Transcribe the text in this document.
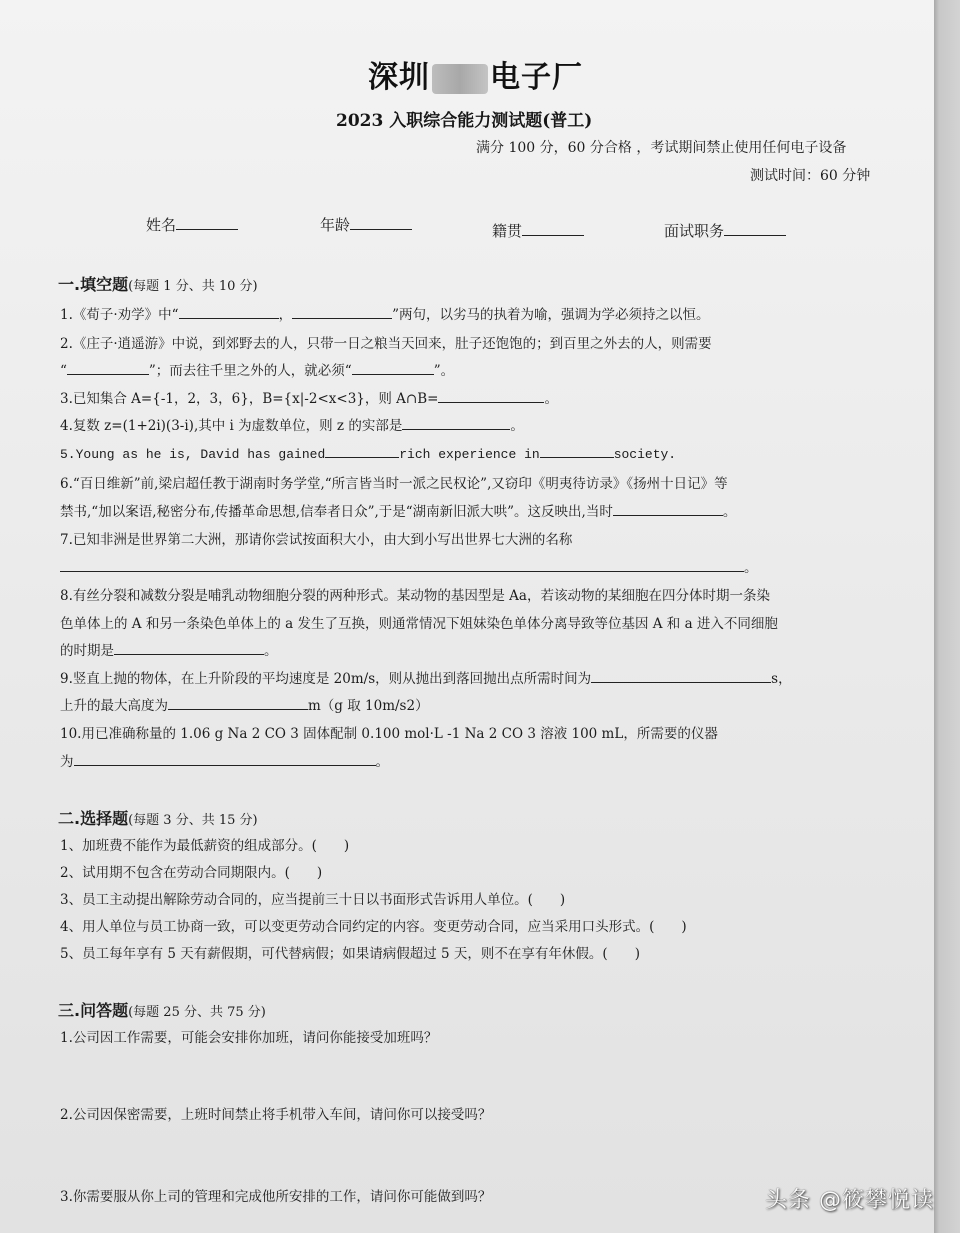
深圳 电子厂
2023 入职综合能力测试题(普工)
满分 100 分，60 分合格 ，考试期间禁止使用任何电子设备
测试时间：60 分钟
姓名	年龄	籍贯	面试职务
一.填空题(每题 1 分、共 10 分)
1.《荀子·劝学》中“	，	”两句，以劣马的执着为喻，强调为学必须持之以恒。
2.《庄子·逍遥游》中说，到郊野去的人，只带一日之粮当天回来，肚子还饱饱的；到百里之外去的人，则需要
“	”；而去往千里之外的人，就必须“	”。
3.已知集合 A={-1，2，3，6}，B={x|-2<x<3}，则 A∩B=	。
4.复数 z=(1+2i)(3-i),其中 i 为虚数单位，则 z 的实部是	。
5.Young as he is, David has gained	rich experience in	society.
6.“百日维新”前,梁启超任教于湖南时务学堂,“所言皆当时一派之民权论”,又窃印《明夷待访录》《扬州十日记》等
禁书,“加以案语,秘密分布,传播革命思想,信奉者日众”,于是“湖南新旧派大哄”。这反映出,当时	。
7.已知非洲是世界第二大洲，那请你尝试按面积大小，由大到小写出世界七大洲的名称
。
8.有丝分裂和减数分裂是哺乳动物细胞分裂的两种形式。某动物的基因型是 Aa，若该动物的某细胞在四分体时期一条染
色单体上的 A 和另一条染色单体上的 a 发生了互换，则通常情况下姐妹染色单体分离导致等位基因 A 和 a 进入不同细胞
的时期是	。
9.竖直上抛的物体，在上升阶段的平均速度是 20m/s，则从抛出到落回抛出点所需时间为	s，
上升的最大高度为	m（g 取 10m/s2）
10.用已准确称量的 1.06 g Na 2 CO 3 固体配制 0.100 mol·L -1 Na 2 CO 3 溶液 100 mL，所需要的仪器
为	。
二.选择题(每题 3 分、共 15 分)
1、加班费不能作为最低薪资的组成部分。(　　)
2、试用期不包含在劳动合同期限内。(　　)
3、员工主动提出解除劳动合同的，应当提前三十日以书面形式告诉用人单位。(　　)
4、用人单位与员工协商一致，可以变更劳动合同约定的内容。变更劳动合同，应当采用口头形式。(　　)
5、员工每年享有 5 天有薪假期，可代替病假；如果请病假超过 5 天，则不在享有年休假。(　　)
三.问答题(每题 25 分、共 75 分)
1.公司因工作需要，可能会安排你加班，请问你能接受加班吗？
2.公司因保密需要，上班时间禁止将手机带入车间，请问你可以接受吗？
3.你需要服从你上司的管理和完成他所安排的工作，请问你可能做到吗？	头条 @筱攀悦读
